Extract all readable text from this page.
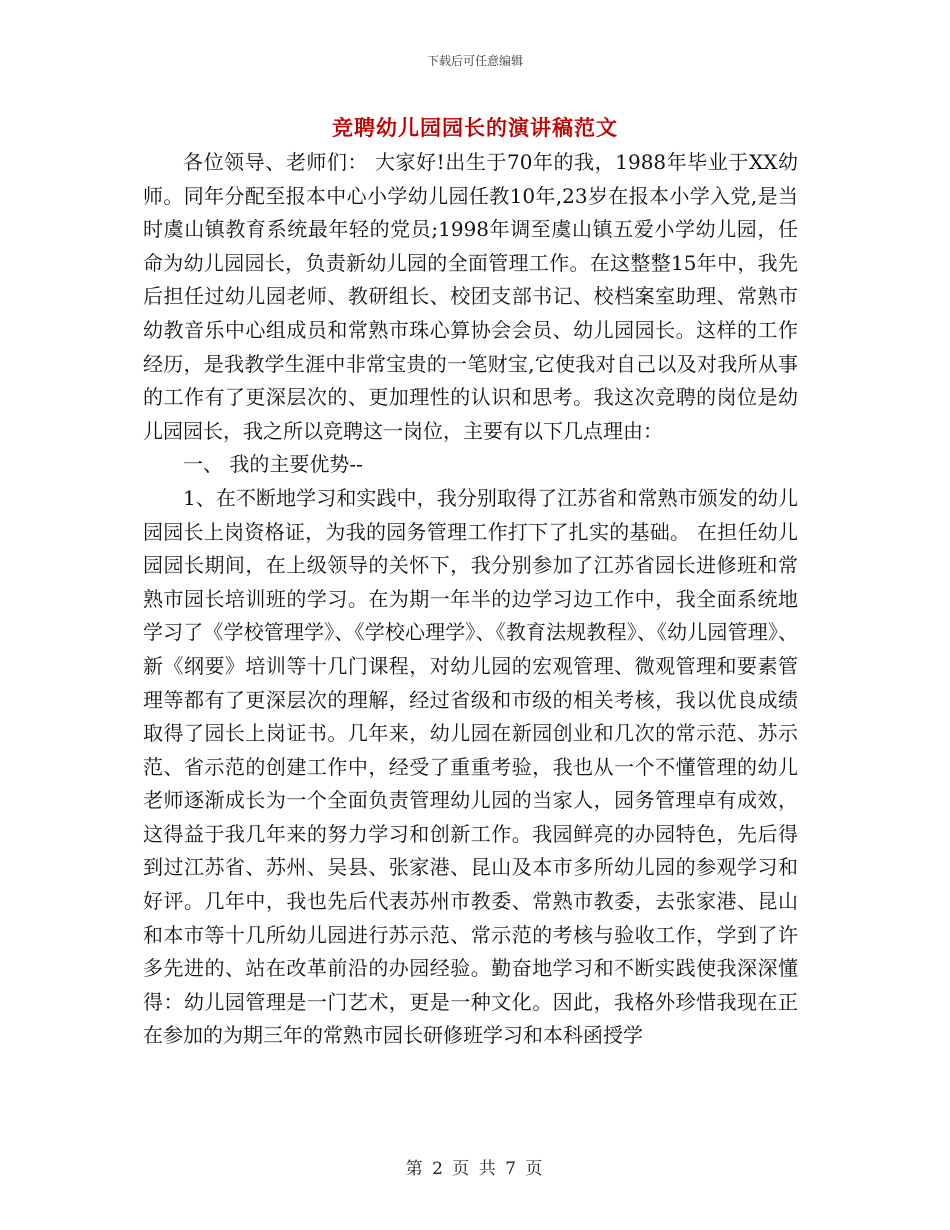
下载后可任意编辑
竞聘幼儿园园长的演讲稿范文

各位领导、老师们： 大家好!出生于70年的我，1988年毕业于XX幼师。同年分配至报本中心小学幼儿园任教10年,23岁在报本小学入党,是当时虞山镇教育系统最年轻的党员;1998年调至虞山镇五爱小学幼儿园，任命为幼儿园园长，负责新幼儿园的全面管理工作。在这整整15年中，我先后担任过幼儿园老师、教研组长、校团支部书记、校档案室助理、常熟市幼教音乐中心组成员和常熟市珠心算协会会员、幼儿园园长。这样的工作经历，是我教学生涯中非常宝贵的一笔财宝,它使我对自己以及对我所从事的工作有了更深层次的、更加理性的认识和思考。我这次竞聘的岗位是幼儿园园长，我之所以竞聘这一岗位，主要有以下几点理由：

一、 我的主要优势--

1、在不断地学习和实践中，我分别取得了江苏省和常熟市颁发的幼儿园园长上岗资格证，为我的园务管理工作打下了扎实的基础。 在担任幼儿园园长期间，在上级领导的关怀下，我分别参加了江苏省园长进修班和常熟市园长培训班的学习。在为期一年半的边学习边工作中，我全面系统地学习了《学校管理学》、《学校心理学》、《教育法规教程》、《幼儿园管理》、新《纲要》培训等十几门课程，对幼儿园的宏观管理、微观管理和要素管理等都有了更深层次的理解，经过省级和市级的相关考核，我以优良成绩取得了园长上岗证书。几年来，幼儿园在新园创业和几次的常示范、苏示范、省示范的创建工作中，经受了重重考验，我也从一个不懂管理的幼儿老师逐渐成长为一个全面负责管理幼儿园的当家人，园务管理卓有成效，这得益于我几年来的努力学习和创新工作。我园鲜亮的办园特色，先后得到过江苏省、苏州、吴县、张家港、昆山及本市多所幼儿园的参观学习和好评。几年中，我也先后代表苏州市教委、常熟市教委，去张家港、昆山和本市等十几所幼儿园进行苏示范、常示范的考核与验收工作，学到了许多先进的、站在改革前沿的办园经验。勤奋地学习和不断实践使我深深懂得：幼儿园管理是一门艺术，更是一种文化。因此，我格外珍惜我现在正在参加的为期三年的常熟市园长研修班学习和本科函授学

第 2 页 共 7 页
